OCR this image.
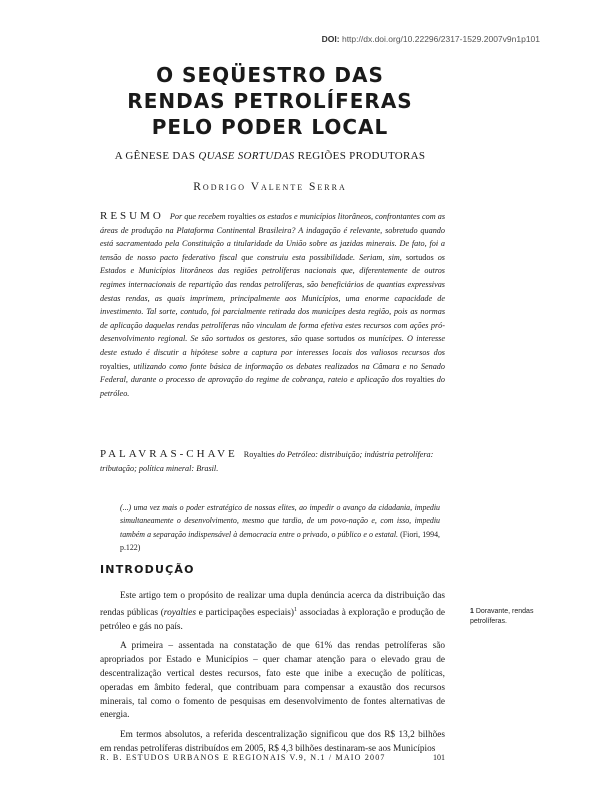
DOI: http://dx.doi.org/10.22296/2317-1529.2007v9n1p101
O SEQÜESTRO DAS
RENDAS PETROLÍFERAS
PELO PODER LOCAL
A GÊNESE DAS QUASE SORTUDAS REGIÕES PRODUTORAS
Rodrigo Valente Serra
RESUMO Por que recebem royalties os estados e municípios litorâneos, confrontantes com as áreas de produção na Plataforma Continental Brasileira? A indagação é relevante, sobretudo quando está sacramentado pela Constituição a titularidade da União sobre as jazidas minerais. De fato, foi a tensão de nosso pacto federativo fiscal que construiu esta possibilidade. Seriam, sim, sortudos os Estados e Municípios litorâneos das regiões petrolíferas nacionais que, diferentemente de outros regimes internacionais de repartição das rendas petrolíferas, são beneficiários de quantias expressivas destas rendas, as quais imprimem, principalmente aos Municípios, uma enorme capacidade de investimento. Tal sorte, contudo, foi parcialmente retirada dos municípes desta região, pois as normas de aplicação daquelas rendas petrolíferas não vinculam de forma efetiva estes recursos com ações pró-desenvolvimento regional. Se são sortudos os gestores, são quase sortudos os munícipes. O interesse deste estudo é discutir a hipótese sobre a captura por interesses locais dos valiosos recursos dos royalties, utilizando como fonte básica de informação os debates realizados na Câmara e no Senado Federal, durante o processo de aprovação do regime de cobrança, rateio e aplicação dos royalties do petróleo.
PALAVRAS-CHAVE Royalties do Petróleo: distribuição; indústria petrolífera: tributação; política mineral: Brasil.
(...) uma vez mais o poder estratégico de nossas elites, ao impedir o avanço da cidadania, impediu simultaneamente o desenvolvimento, mesmo que tardio, de um povo-nação e, com isso, impediu também a separação indispensável à democracia entre o privado, o público e o estatal. (Fiori, 1994, p.122)
INTRODUÇÃO

Este artigo tem o propósito de realizar uma dupla denúncia acerca da distribuição das rendas públicas (royalties e participações especiais)$^1$ associadas à exploração e produção de petróleo e gás no país.

A primeira – assentada na constatação de que 61% das rendas petrolíferas são apropriados por Estado e Municípios – quer chamar atenção para o elevado grau de descentralização vertical destes recursos, fato este que inibe a execução de políticas, operadas em âmbito federal, que contribuam para compensar a exaustão dos recursos minerais, tal como o fomento de pesquisas em desenvolvimento de fontes alternativas de energia.

Em termos absolutos, a referida descentralização significou que dos R$ 13,2 bilhões em rendas petrolíferas distribuídos em 2005, R$ 4,3 bilhões destinaram-se aos Municípios

1 Doravante, rendas petrolíferas.
R. B. ESTUDOS URBANOS E REGIONAIS V.9, N.1 / MAIO 2007	101
